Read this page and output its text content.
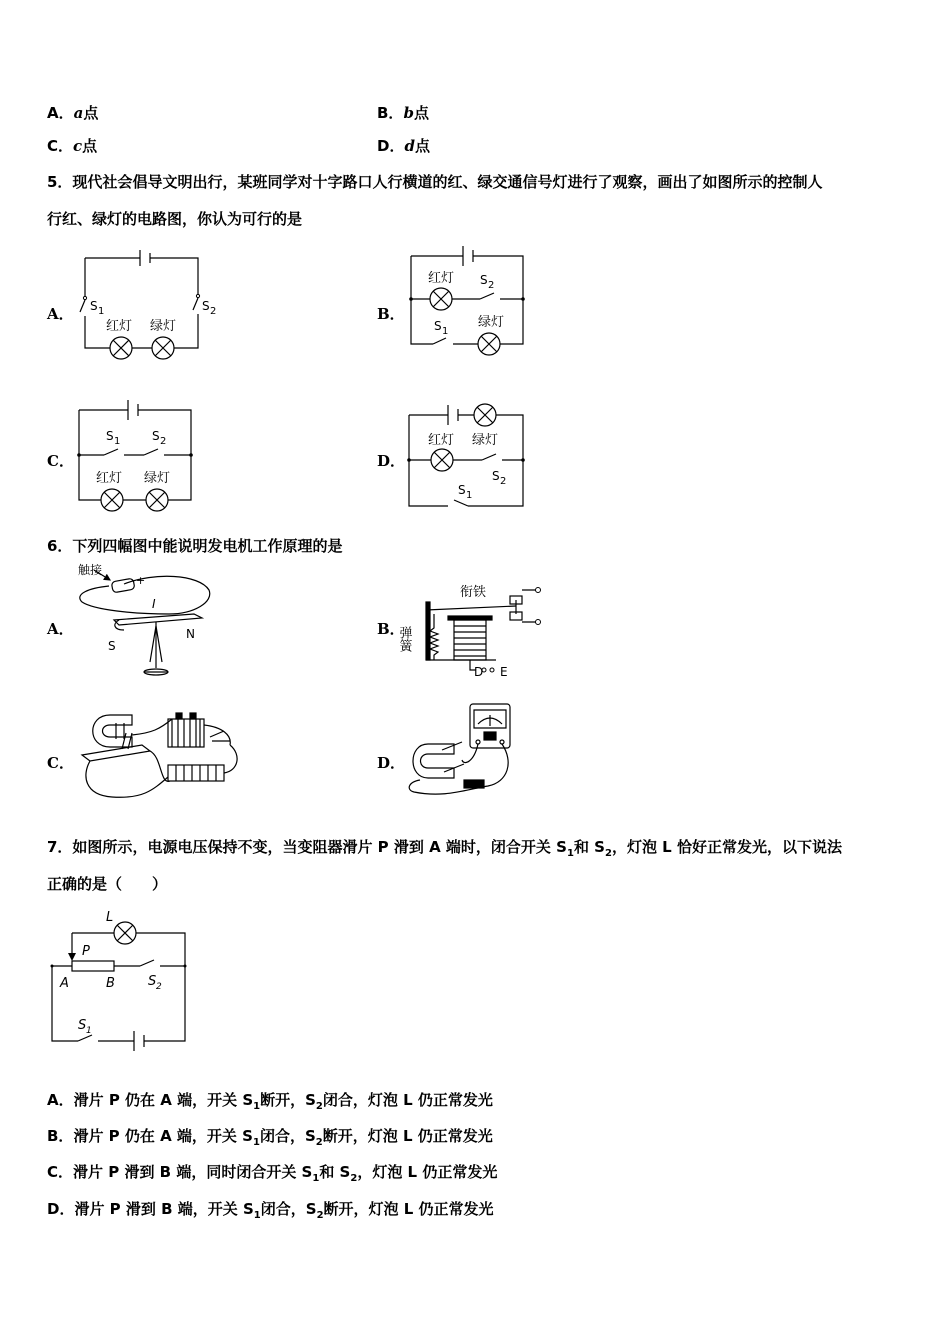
A．a点	B．b点
C．c点	D．d点
5．现代社会倡导文明出行，某班同学对十字路口人行横道的红、绿交通信号灯进行了观察，画出了如图所示的控制人
行红、绿灯的电路图，你认为可行的是
A．	B．
C．	D．
S 1	S 2
红灯 绿灯
红灯 S 2
S 1
绿灯
S 1	S 2
红灯 绿灯
红灯 绿灯
S 2
S 1
6．下列四幅图中能说明发电机工作原理的是
A．	B．
C．	D．
触接
+
I
S
N
衔铁
弹簧
D E
7．如图所示，电源电压保持不变，当变阻器滑片 P 滑到 A 端时，闭合开关 $S_1$和 $S_2$，灯泡 L 恰好正常发光，以下说法
正确的是（　　）
L
P
A	B	S 2
S 1
A．滑片 P 仍在 A 端，开关 $S_1$断开，$S_2$闭合，灯泡 L 仍正常发光
B．滑片 P 仍在 A 端，开关 $S_1$闭合，$S_2$断开，灯泡 L 仍正常发光
C．滑片 P 滑到 B 端，同时闭合开关 $S_1$和 $S_2$，灯泡 L 仍正常发光
D．滑片 P 滑到 B 端，开关 $S_1$闭合，$S_2$断开，灯泡 L 仍正常发光
